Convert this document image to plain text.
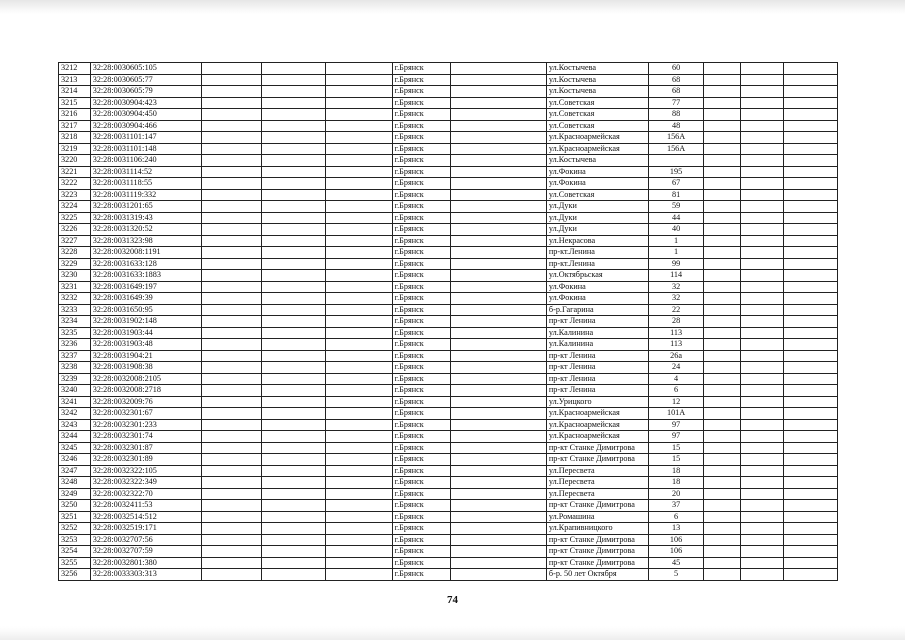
3212	32:28:0030605:105				г.Брянск		ул.Костычева	60			
3213	32:28:0030605:77				г.Брянск		ул.Костычева	68			
3214	32:28:0030605:79				г.Брянск		ул.Костычева	68			
3215	32:28:0030904:423				г.Брянск		ул.Советская	77			
3216	32:28:0030904:450				г.Брянск		ул.Советская	88			
3217	32:28:0030904:466				г.Брянск		ул.Советская	48			
3218	32:28:0031101:147				г.Брянск		ул.Красноармейская	156А			
3219	32:28:0031101:148				г.Брянск		ул.Красноармейская	156А			
3220	32:28:0031106:240				г.Брянск		ул.Костычева				
3221	32:28:0031114:52				г.Брянск		ул.Фокина	195			
3222	32:28:0031118:55				г.Брянск		ул.Фокина	67			
3223	32:28:0031119:332				г.Брянск		ул.Советская	81			
3224	32:28:0031201:65				г.Брянск		ул.Дуки	59			
3225	32:28:0031319:43				г.Брянск		ул.Дуки	44			
3226	32:28:0031320:52				г.Брянск		ул.Дуки	40			
3227	32:28:0031323:98				г.Брянск		ул.Некрасова	1			
3228	32:28:0032008:1191				г.Брянск		пр-кт.Ленина	1			
3229	32:28:0031633:128				г.Брянск		пр-кт.Ленина	99			
3230	32:28:0031633:1883				г.Брянск		ул.Октябрьская	114			
3231	32:28:0031649:197				г.Брянск		ул.Фокина	32			
3232	32:28:0031649:39				г.Брянск		ул.Фокина	32			
3233	32:28:0031650:95				г.Брянск		б-р.Гагарина	22			
3234	32:28:0031902:148				г.Брянск		пр-кт Ленина	28			
3235	32:28:0031903:44				г.Брянск		ул.Калинина	113			
3236	32:28:0031903:48				г.Брянск		ул.Калинина	113			
3237	32:28:0031904:21				г.Брянск		пр-кт Ленина	26а			
3238	32:28:0031908:38				г.Брянск		пр-кт Ленина	24			
3239	32:28:0032008:2105				г.Брянск		пр-кт Ленина	4			
3240	32:28:0032008:2718				г.Брянск		пр-кт Ленина	6			
3241	32:28:0032009:76				г.Брянск		ул.Урицкого	12			
3242	32:28:0032301:67				г.Брянск		ул.Красноармейская	101А			
3243	32:28:0032301:233				г.Брянск		ул.Красноармейская	97			
3244	32:28:0032301:74				г.Брянск		ул.Красноармейская	97			
3245	32:28:0032301:87				г.Брянск		пр-кт Станке Димитрова	15			
3246	32:28:0032301:89				г.Брянск		пр-кт Станке Димитрова	15			
3247	32:28:0032322:105				г.Брянск		ул.Пересвета	18			
3248	32:28:0032322:349				г.Брянск		ул.Пересвета	18			
3249	32:28:0032322:70				г.Брянск		ул.Пересвета	20			
3250	32:28:0032411:53				г.Брянск		пр-кт Станке Димитрова	37			
3251	32:28:0032514:512				г.Брянск		ул.Ромашина	6			
3252	32:28:0032519:171				г.Брянск		ул.Крапивницкого	13			
3253	32:28:0032707:56				г.Брянск		пр-кт Станке Димитрова	106			
3254	32:28:0032707:59				г.Брянск		пр-кт Станке Димитрова	106			
3255	32:28:0032801:380				г.Брянск		пр-кт Станке Димитрова	45			
3256	32:28:0033303:313				г.Брянск		б-р. 50 лет Октября	5			
74
